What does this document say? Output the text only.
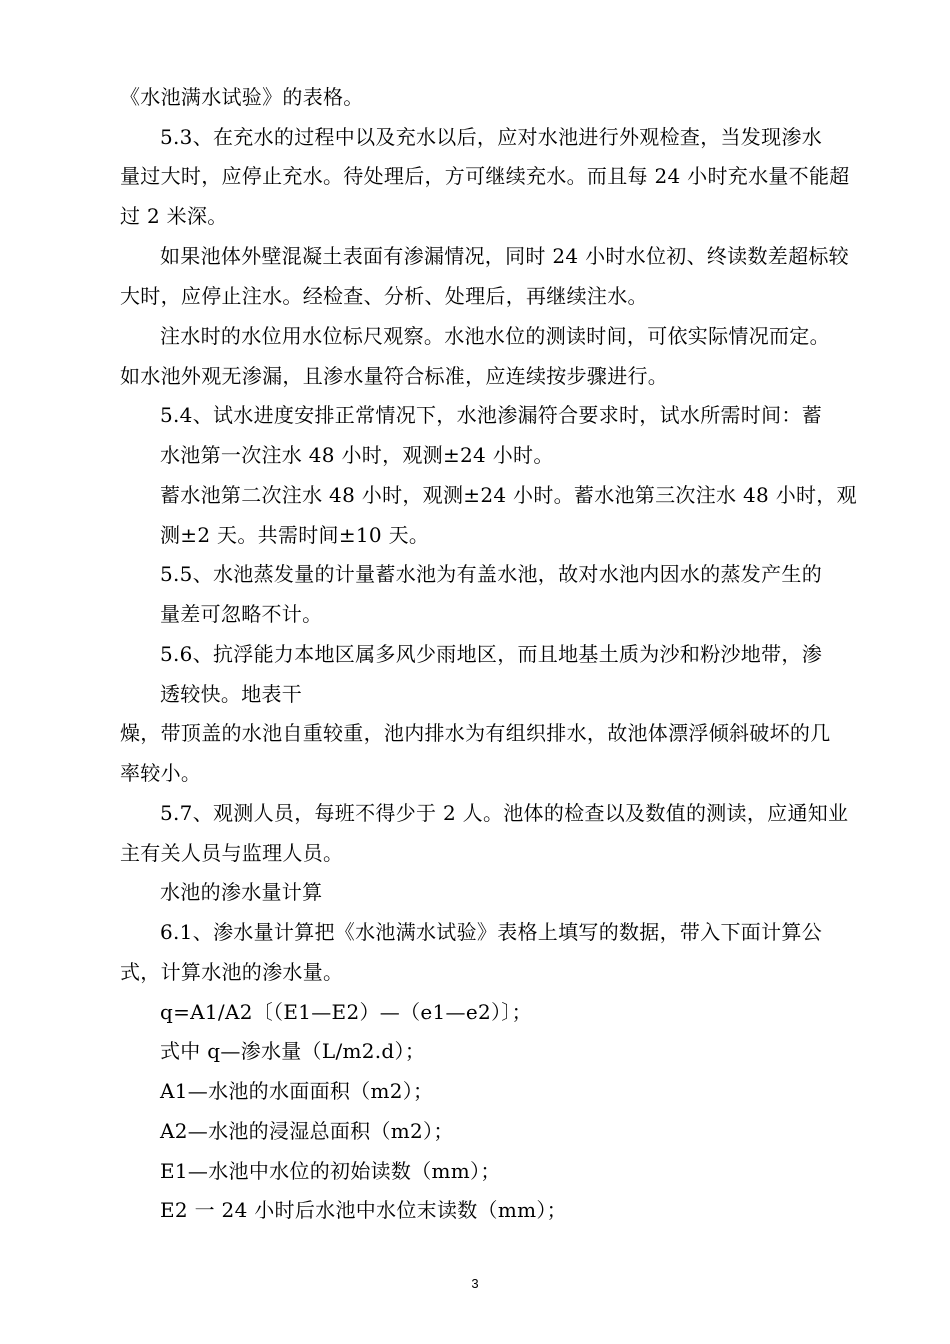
《水池满水试验》的表格。
5.3、在充水的过程中以及充水以后，应对水池进行外观检查，当发现渗水
量过大时，应停止充水。待处理后，方可继续充水。而且每 24 小时充水量不能超
过 2 米深。
如果池体外壁混凝土表面有渗漏情况，同时 24 小时水位初、终读数差超标较
大时，应停止注水。经检查、分析、处理后，再继续注水。
注水时的水位用水位标尺观察。水池水位的测读时间，可依实际情况而定。
如水池外观无渗漏，且渗水量符合标准，应连续按步骤进行。
5.4、试水进度安排正常情况下，水池渗漏符合要求时，试水所需时间：蓄
水池第一次注水 48 小时，观测±24 小时。
蓄水池第二次注水 48 小时，观测±24 小时。蓄水池第三次注水 48 小时，观
测±2 天。共需时间±10 天。
5.5、水池蒸发量的计量蓄水池为有盖水池，故对水池内因水的蒸发产生的
量差可忽略不计。
5.6、抗浮能力本地区属多风少雨地区，而且地基土质为沙和粉沙地带，渗
透较快。地表干
燥，带顶盖的水池自重较重，池内排水为有组织排水，故池体漂浮倾斜破坏的几
率较小。
5.7、观测人员，每班不得少于 2 人。池体的检查以及数值的测读，应通知业
主有关人员与监理人员。
水池的渗水量计算
6.1、渗水量计算把《水池满水试验》表格上填写的数据，带入下面计算公
式，计算水池的渗水量。
q=A1/A2〔（E1—E2）—（e1—e2）〕；
式中 q—渗水量（L/m2.d）；
A1—水池的水面面积（m2）；
A2—水池的浸湿总面积（m2）；
E1—水池中水位的初始读数（mm）；
E2 一 24 小时后水池中水位末读数（mm）；
3
